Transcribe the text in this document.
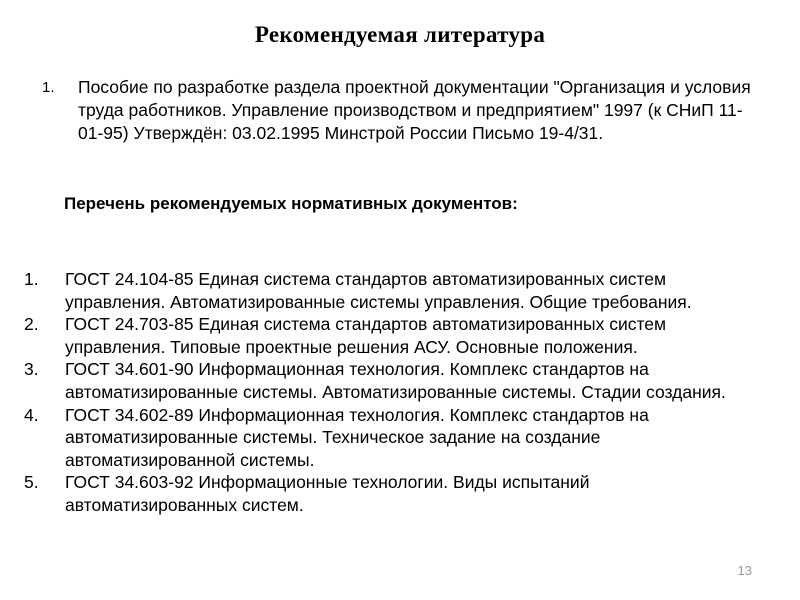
Рекомендуемая литература
1. Пособие по разработке раздела проектной документации "Организация и условия труда работников. Управление производством и предприятием" 1997 (к СНиП 11-01-95) Утверждён: 03.02.1995 Минстрой России Письмо 19-4/31.
Перечень рекомендуемых нормативных документов:
1. ГОСТ 24.104-85 Единая система стандартов автоматизированных систем управления. Автоматизированные системы управления. Общие требования.
2. ГОСТ 24.703-85 Единая система стандартов автоматизированных систем управления. Типовые проектные решения АСУ. Основные положения.
3. ГОСТ 34.601-90 Информационная технология. Комплекс стандартов на автоматизированные системы. Автоматизированные системы. Стадии создания.
4. ГОСТ 34.602-89 Информационная технология. Комплекс стандартов на автоматизированные системы. Техническое задание на создание автоматизированной системы.
5. ГОСТ 34.603-92 Информационные технологии. Виды испытаний автоматизированных систем.
13
